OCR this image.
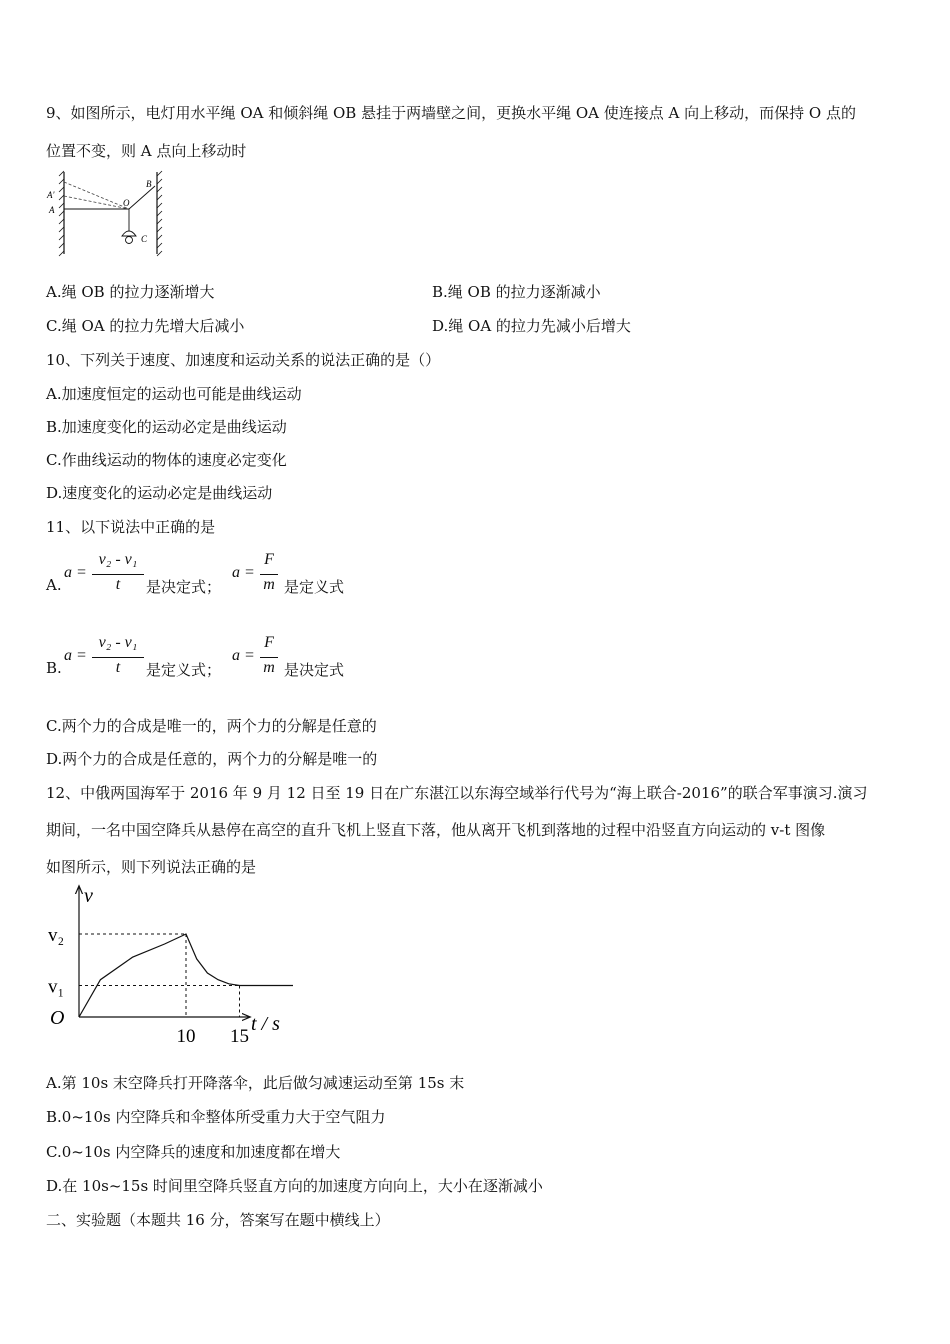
9、如图所示，电灯用水平绳 OA 和倾斜绳 OB 悬挂于两墙壁之间，更换水平绳 OA 使连接点 A 向上移动，而保持 O 点的
位置不变，则 A 点向上移动时
A'
A
O
B
C
A.绳 OB 的拉力逐渐增大	B.绳 OB 的拉力逐渐减小
C.绳 OA 的拉力先增大后减小	D.绳 OA 的拉力先减小后增大
10、下列关于速度、加速度和运动关系的说法正确的是（）
A.加速度恒定的运动也可能是曲线运动
B.加速度变化的运动必定是曲线运动
C.作曲线运动的物体的速度必定变化
D.速度变化的运动必定是曲线运动
11、以下说法中正确的是
A.
a =
v₂ - v₁
t	是决定式；
a =
F
m 是定义式
B.
a =
v₂ - v₁
t	是定义式；
a =
F
m 是决定式
C.两个力的合成是唯一的，两个力的分解是任意的
D.两个力的合成是任意的，两个力的分解是唯一的
12、中俄两国海军于 2016 年 9 月 12 日至 19 日在广东湛江以东海空域举行代号为“海上联合-2016”的联合军事演习.演习
期间，一名中国空降兵从悬停在高空的直升飞机上竖直下落，他从离开飞机到落地的过程中沿竖直方向运动的 v-t 图像
如图所示，则下列说法正确的是
v
t / s
O
10 15
v₂
v₁
A.第 10s 末空降兵打开降落伞，此后做匀减速运动至第 15s 末
B.0~10s 内空降兵和伞整体所受重力大于空气阻力
C.0~10s 内空降兵的速度和加速度都在增大
D.在 10s~15s 时间里空降兵竖直方向的加速度方向向上，大小在逐渐减小
二、实验题（本题共 16 分，答案写在题中横线上）
